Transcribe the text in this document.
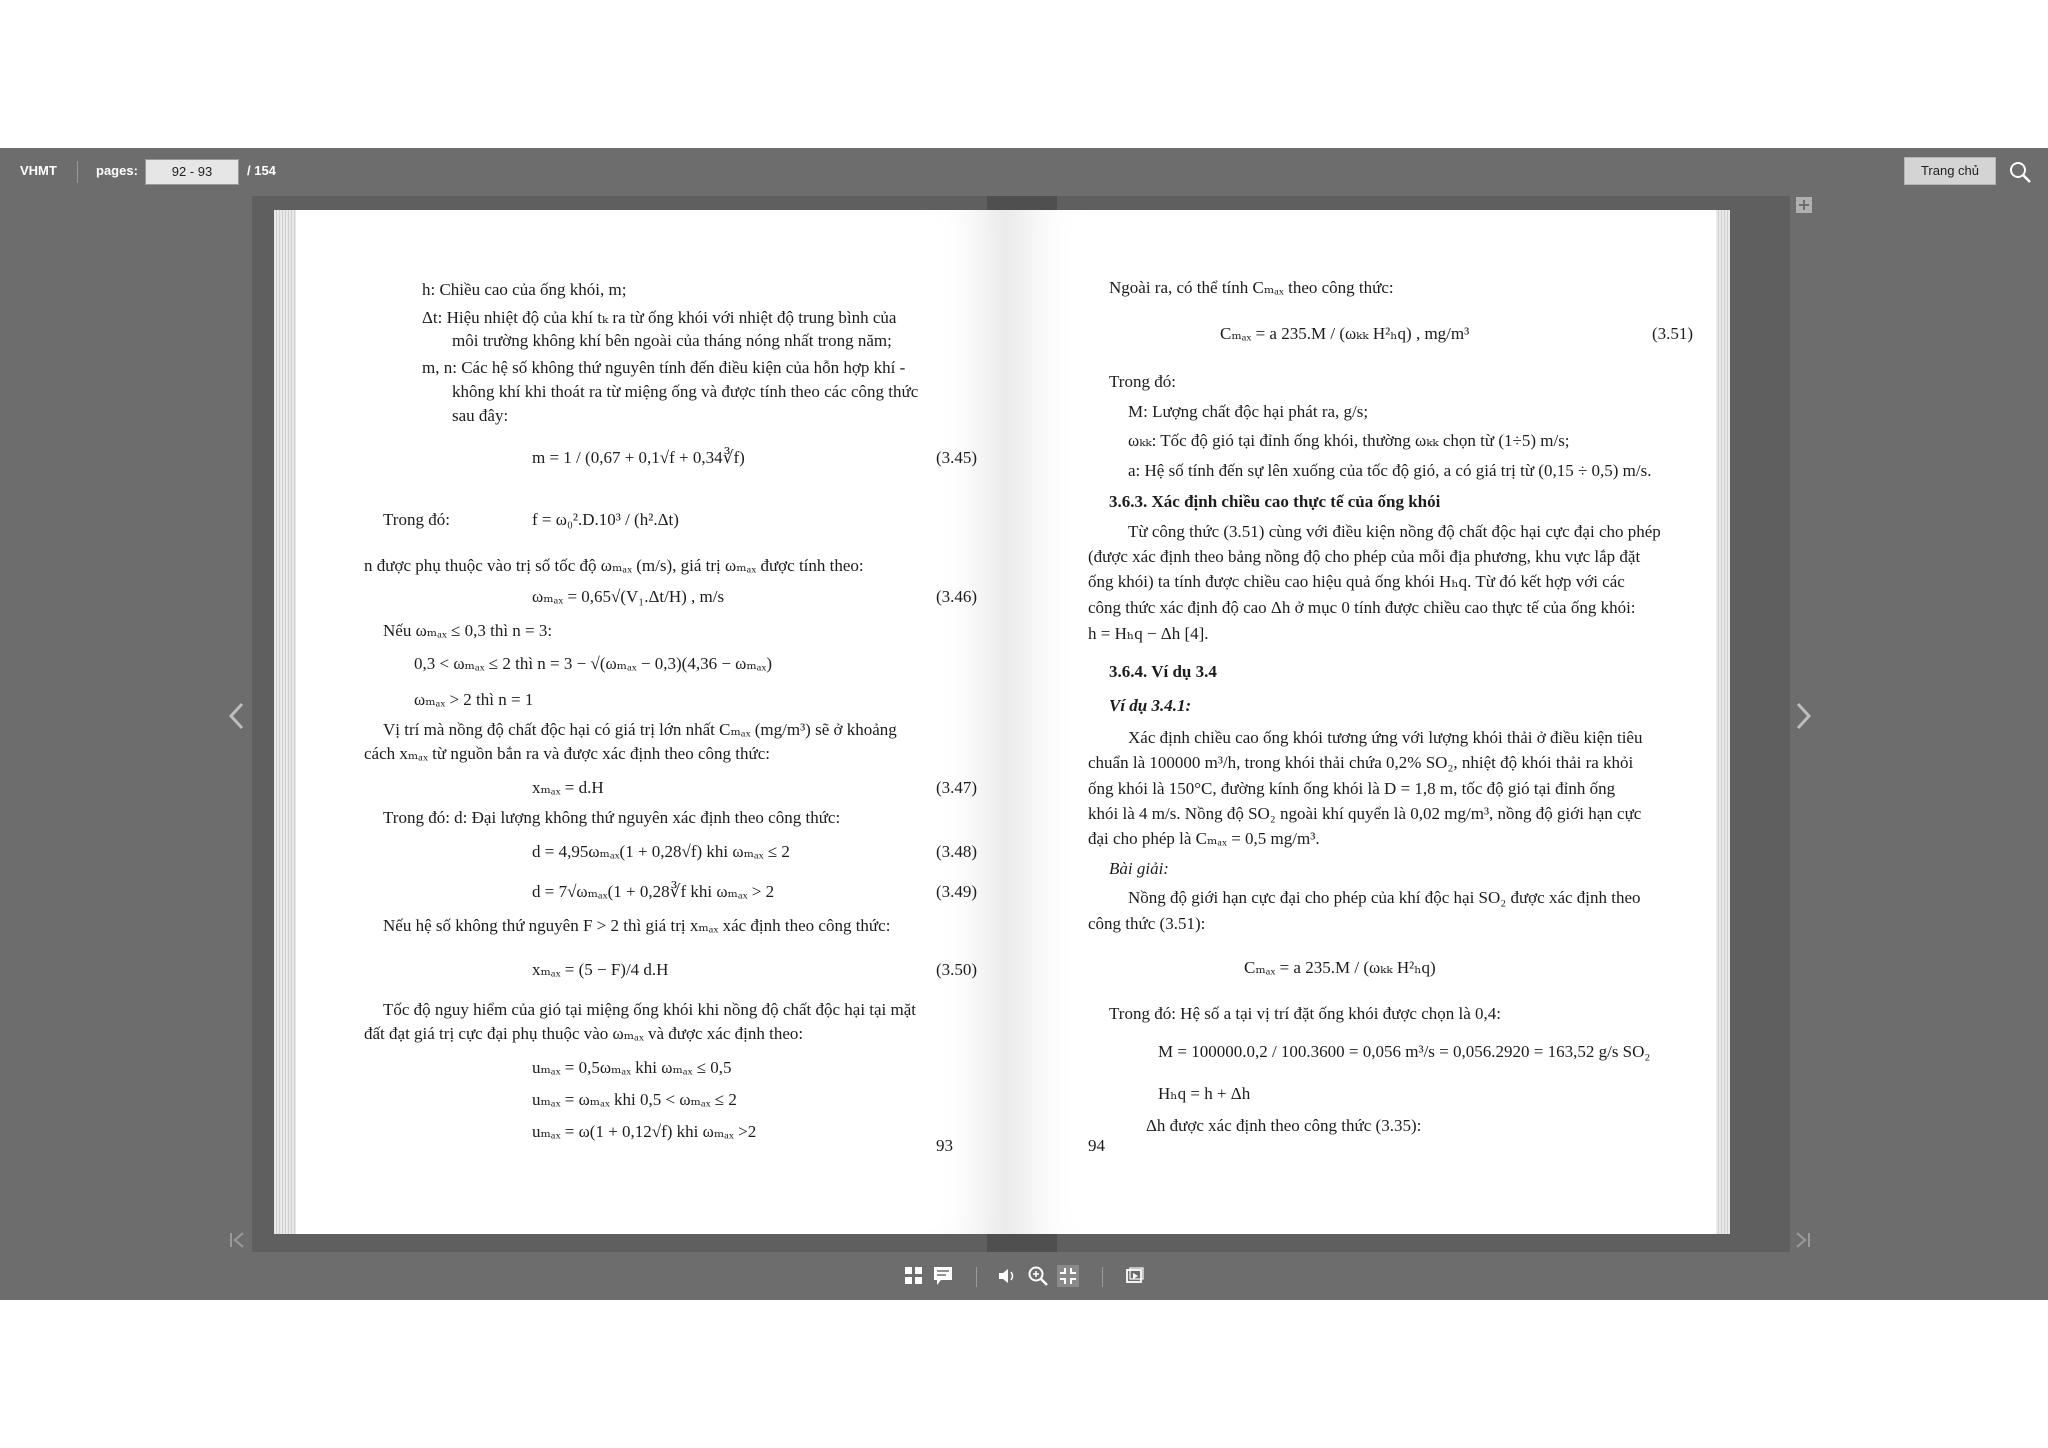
VHMT	pages:	92 - 93	/ 154	Trang chủ
h: Chiều cao của ống khói, m;
Δt: Hiệu nhiệt độ của khí tₖ ra từ ống khói với nhiệt độ trung bình của
môi trường không khí bên ngoài của tháng nóng nhất trong năm;
m, n: Các hệ số không thứ nguyên tính đến điều kiện của hỗn hợp khí -
không khí khi thoát ra từ miệng ống và được tính theo các công thức
sau đây:
m = 1 / (0,67 + 0,1√f + 0,34∛f)	(3.45)
Trong đó:	f = ω₀².D.10³ / (h².Δt)
n được phụ thuộc vào trị số tốc độ ωₘₐₓ (m/s), giá trị ωₘₐₓ được tính theo:
ωₘₐₓ = 0,65√(V₁.Δt/H) , m/s	(3.46)
Nếu ωₘₐₓ ≤ 0,3 thì n = 3:
0,3 < ωₘₐₓ ≤ 2 thì n = 3 − √(ωₘₐₓ − 0,3)(4,36 − ωₘₐₓ)
ωₘₐₓ > 2 thì n = 1
Vị trí mà nồng độ chất độc hại có giá trị lớn nhất Cₘₐₓ (mg/m³) sẽ ở khoảng
cách xₘₐₓ từ nguồn bắn ra và được xác định theo công thức:
xₘₐₓ = d.H	(3.47)
Trong đó: d: Đại lượng không thứ nguyên xác định theo công thức:
d = 4,95ωₘₐₓ(1 + 0,28√f) khi ωₘₐₓ ≤ 2	(3.48)
d = 7√ωₘₐₓ(1 + 0,28∛f khi ωₘₐₓ > 2	(3.49)
Nếu hệ số không thứ nguyên F > 2 thì giá trị xₘₐₓ xác định theo công thức:
xₘₐₓ = (5 − F)/4 d.H	(3.50)
Tốc độ nguy hiểm của gió tại miệng ống khói khi nồng độ chất độc hại tại mặt
đất đạt giá trị cực đại phụ thuộc vào ωₘₐₓ và được xác định theo:
uₘₐₓ = 0,5ωₘₐₓ khi ωₘₐₓ ≤ 0,5
uₘₐₓ = ωₘₐₓ khi 0,5 < ωₘₐₓ ≤ 2
uₘₐₓ = ω(1 + 0,12√f) khi ωₘₐₓ >2
93
Ngoài ra, có thể tính Cₘₐₓ theo công thức:
Cₘₐₓ = a 235.M / (ωₖₖ H²ₕq) , mg/m³	(3.51)
Trong đó:
M: Lượng chất độc hại phát ra, g/s;
ωₖₖ: Tốc độ gió tại đỉnh ống khói, thường ωₖₖ chọn từ (1÷5) m/s;
a: Hệ số tính đến sự lên xuống của tốc độ gió, a có giá trị từ (0,15 ÷ 0,5) m/s.
3.6.3. Xác định chiều cao thực tế của ống khói
Từ công thức (3.51) cùng với điều kiện nồng độ chất độc hại cực đại cho phép
(được xác định theo bảng nồng độ cho phép của mỗi địa phương, khu vực lắp đặt
ống khói) ta tính được chiều cao hiệu quả ống khói Hₕq. Từ đó kết hợp với các
công thức xác định độ cao Δh ở mục 0 tính được chiều cao thực tế của ống khói:
h = Hₕq − Δh [4].
3.6.4. Ví dụ 3.4
Ví dụ 3.4.1:
Xác định chiều cao ống khói tương ứng với lượng khói thải ở điều kiện tiêu
chuẩn là 100000 m³/h, trong khói thải chứa 0,2% SO₂, nhiệt độ khói thải ra khỏi
ống khói là 150°C, đường kính ống khói là D = 1,8 m, tốc độ gió tại đỉnh ống
khói là 4 m/s. Nồng độ SO₂ ngoài khí quyển là 0,02 mg/m³, nồng độ giới hạn cực
đại cho phép là Cₘₐₓ = 0,5 mg/m³.
Bài giải:
Nồng độ giới hạn cực đại cho phép của khí độc hại SO₂ được xác định theo
công thức (3.51):
Cₘₐₓ = a 235.M / (ωₖₖ H²ₕq)
Trong đó: Hệ số a tại vị trí đặt ống khói được chọn là 0,4:
M = 100000.0,2 / 100.3600 = 0,056 m³/s = 0,056.2920 = 163,52 g/s SO₂
Hₕq = h + Δh
Δh được xác định theo công thức (3.35):
94
